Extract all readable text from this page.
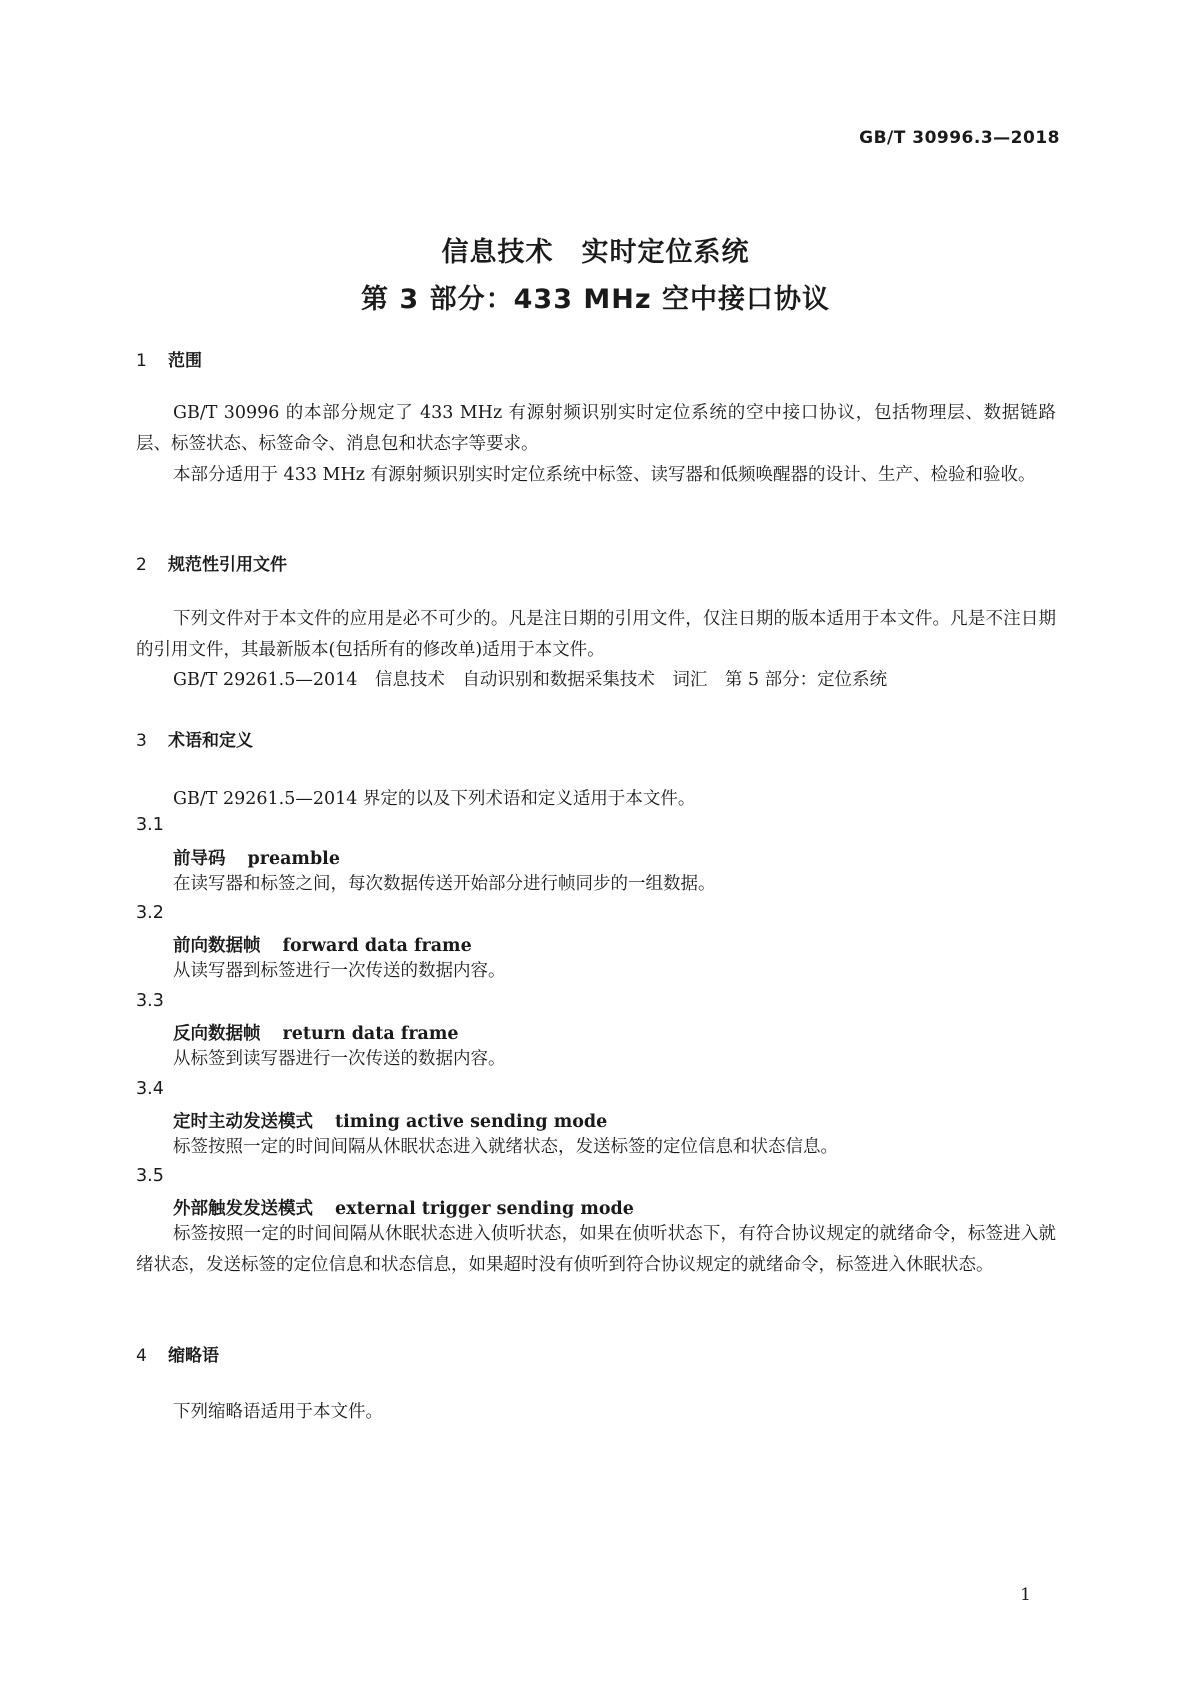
GB/T 30996.3—2018
信息技术　实时定位系统
第 3 部分：433 MHz 空中接口协议
1 范围
GB/T 30996 的本部分规定了 433 MHz 有源射频识别实时定位系统的空中接口协议，包括物理层、数据链路层、标签状态、标签命令、消息包和状态字等要求。
本部分适用于 433 MHz 有源射频识别实时定位系统中标签、读写器和低频唤醒器的设计、生产、检验和验收。
2 规范性引用文件
下列文件对于本文件的应用是必不可少的。凡是注日期的引用文件，仅注日期的版本适用于本文件。凡是不注日期的引用文件，其最新版本(包括所有的修改单)适用于本文件。
GB/T 29261.5—2014　信息技术　自动识别和数据采集技术　词汇　第 5 部分：定位系统
3 术语和定义
GB/T 29261.5—2014 界定的以及下列术语和定义适用于本文件。
3.1
前导码 preamble
在读写器和标签之间，每次数据传送开始部分进行帧同步的一组数据。
3.2
前向数据帧 forward data frame
从读写器到标签进行一次传送的数据内容。
3.3
反向数据帧 return data frame
从标签到读写器进行一次传送的数据内容。
3.4
定时主动发送模式 timing active sending mode
标签按照一定的时间间隔从休眠状态进入就绪状态，发送标签的定位信息和状态信息。
3.5
外部触发发送模式 external trigger sending mode
标签按照一定的时间间隔从休眠状态进入侦听状态，如果在侦听状态下，有符合协议规定的就绪命令，标签进入就绪状态，发送标签的定位信息和状态信息，如果超时没有侦听到符合协议规定的就绪命令，标签进入休眠状态。
4 缩略语
下列缩略语适用于本文件。
1
